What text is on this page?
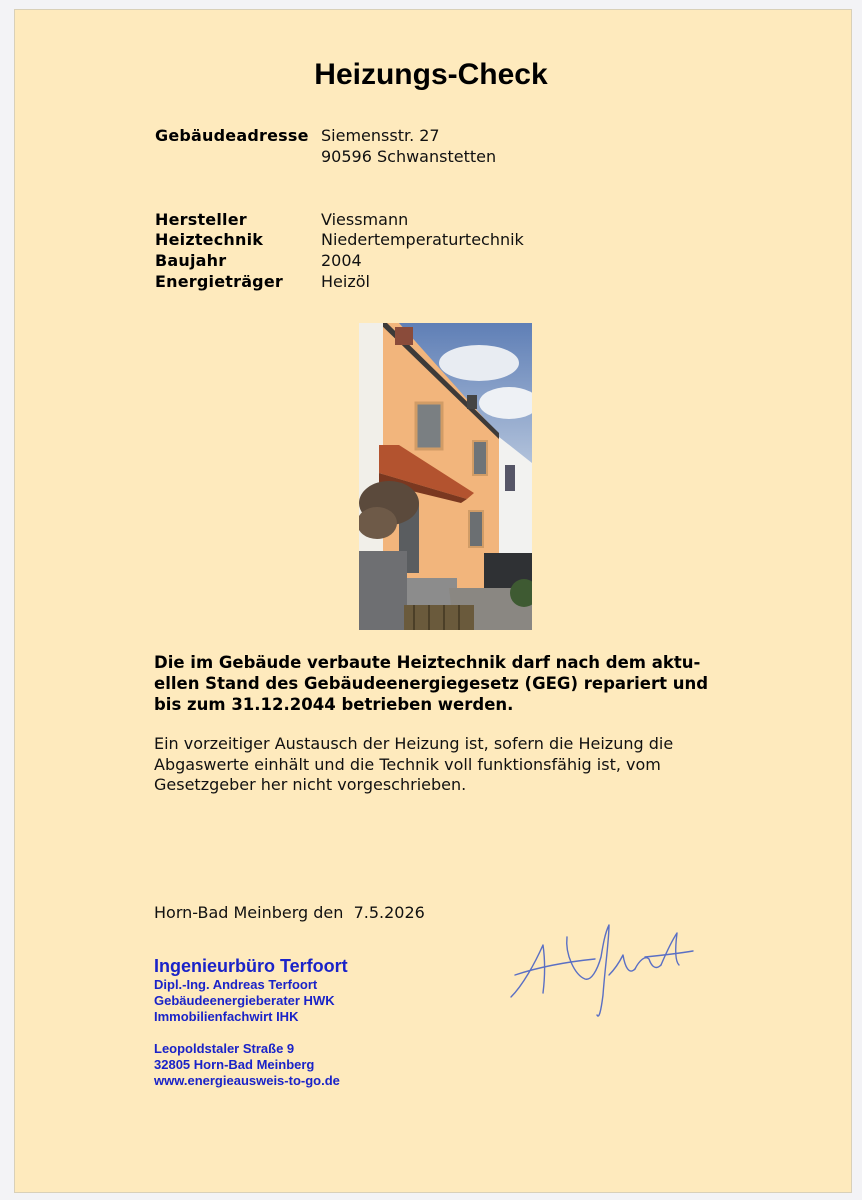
Heizungs-Check
Gebäudeadresse Siemensstr. 27
90596 Schwanstetten
Hersteller	Viessmann
Heiztechnik	Niedertemperaturtechnik
Baujahr	2004
Energieträger Heizöl
Die im Gebäude verbaute Heiztechnik darf nach dem aktu-
ellen Stand des Gebäudeenergiegesetz (GEG) repariert und
bis zum 31.12.2044 betrieben werden.
Ein vorzeitiger Austausch der Heizung ist, sofern die Heizung die
Abgaswerte einhält und die Technik voll funktionsfähig ist, vom
Gesetzgeber her nicht vorgeschrieben.
Horn-Bad Meinberg den  7.5.2026
Ingenieurbüro Terfoort
Dipl.-Ing. Andreas Terfoort
Gebäudeenergieberater HWK
Immobilienfachwirt IHK
Leopoldstaler Straße 9
32805 Horn-Bad Meinberg
www.energieausweis-to-go.de
